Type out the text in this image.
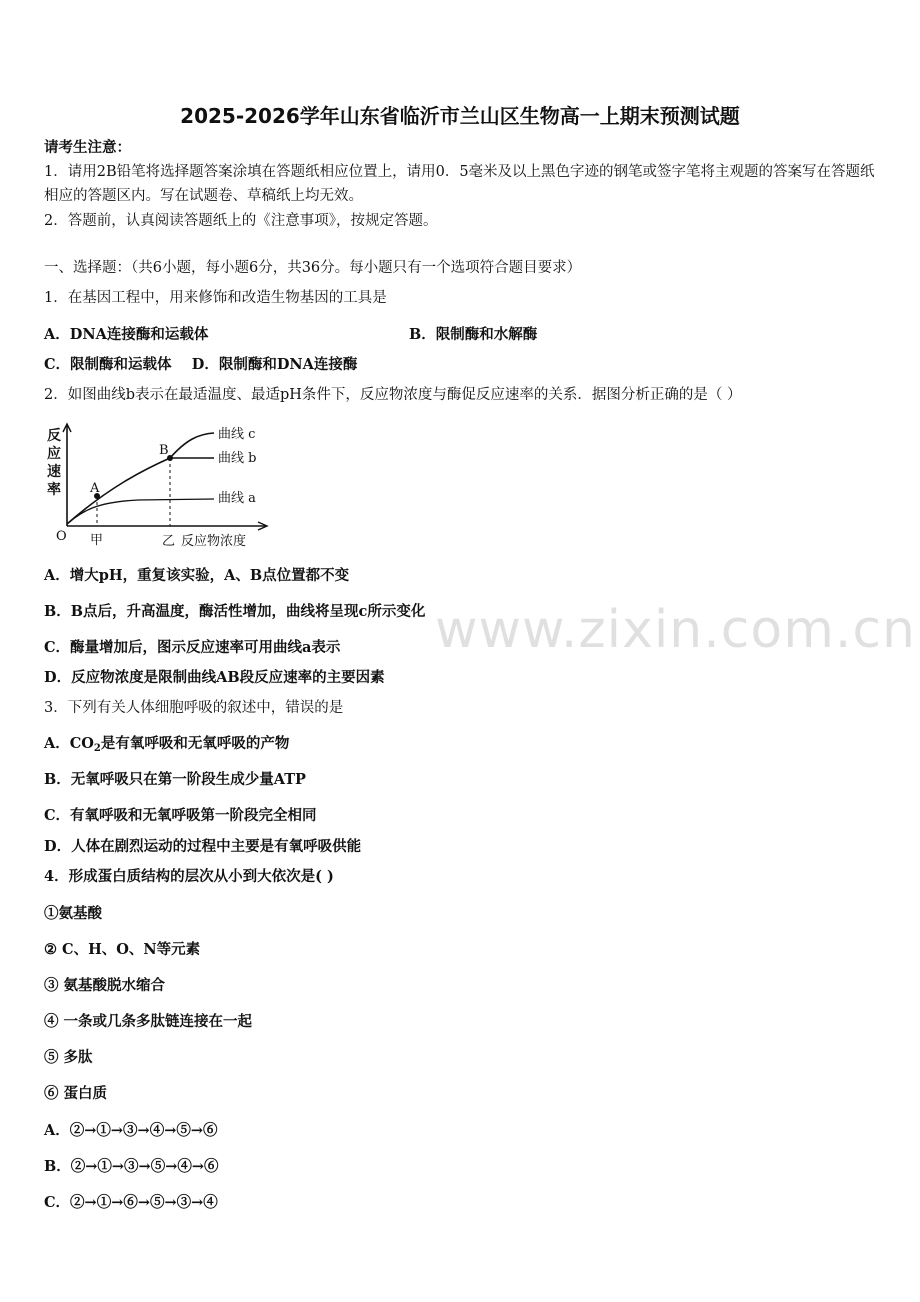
2025-2026学年山东省临沂市兰山区生物高一上期末预测试题
请考生注意：
1．请用2B铅笔将选择题答案涂填在答题纸相应位置上，请用0．5毫米及以上黑色字迹的钢笔或签字笔将主观题的答案写在答题纸相应的答题区内。写在试题卷、草稿纸上均无效。
2．答题前，认真阅读答题纸上的《注意事项》，按规定答题。
一、选择题：（共6小题，每小题6分，共36分。每小题只有一个选项符合题目要求）
1．在基因工程中，用来修饰和改造生物基因的工具是
A．DNA连接酶和运载体	B．限制酶和水解酶
C．限制酶和运载体 D．限制酶和DNA连接酶
2．如图曲线b表示在最适温度、最适pH条件下，反应物浓度与酶促反应速率的关系．据图分析正确的是（ ）
反
应
速
率 A
B
曲线 c
曲线 b
曲线 a
O 甲	乙 反应物浓度
A．增大pH，重复该实验，A、B点位置都不变
B．B点后，升高温度，酶活性增加，曲线将呈现c所示变化
C．酶量增加后，图示反应速率可用曲线a表示
D．反应物浓度是限制曲线AB段反应速率的主要因素
3．下列有关人体细胞呼吸的叙述中，错误的是
A．$CO_2$是有氧呼吸和无氧呼吸的产物
B．无氧呼吸只在第一阶段生成少量ATP
C．有氧呼吸和无氧呼吸第一阶段完全相同
D．人体在剧烈运动的过程中主要是有氧呼吸供能
4．形成蛋白质结构的层次从小到大依次是( )
①氨基酸
② C、H、O、N等元素
③ 氨基酸脱水缩合
④ 一条或几条多肽链连接在一起
⑤ 多肽
⑥ 蛋白质
A．②→①→③→④→⑤→⑥
B．②→①→③→⑤→④→⑥
C．②→①→⑥→⑤→③→④
www.zixin.com.cn
